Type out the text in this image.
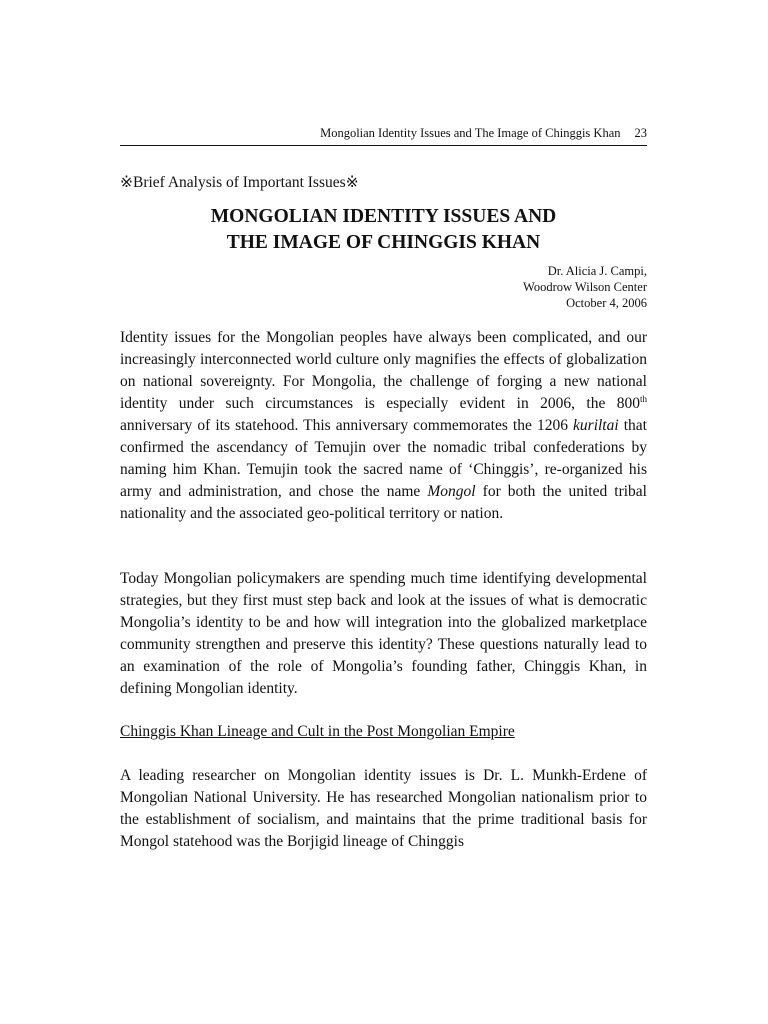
Mongolian Identity Issues and The Image of Chinggis Khan 23
※Brief Analysis of Important Issues※
MONGOLIAN IDENTITY ISSUES AND
THE IMAGE OF CHINGGIS KHAN
Dr. Alicia J. Campi,
Woodrow Wilson Center
October 4, 2006

Identity issues for the Mongolian peoples have always been complicated, and our increasingly interconnected world culture only magnifies the effects of globalization on national sovereignty. For Mongolia, the challenge of forging a new national identity under such circumstances is especially evident in 2006, the 800th anniversary of its statehood. This anniversary commemorates the 1206 kuriltai that confirmed the ascendancy of Temujin over the nomadic tribal confederations by naming him Khan. Temujin took the sacred name of ‘Chinggis’, re-organized his army and administration, and chose the name Mongol for both the united tribal nationality and the associated geo-political territory or nation.

Today Mongolian policymakers are spending much time identifying developmental strategies, but they first must step back and look at the issues of what is democratic Mongolia’s identity to be and how will integration into the globalized marketplace community strengthen and preserve this identity? These questions naturally lead to an examination of the role of Mongolia’s founding father, Chinggis Khan, in defining Mongolian identity.

Chinggis Khan Lineage and Cult in the Post Mongolian Empire

A leading researcher on Mongolian identity issues is Dr. L. Munkh-Erdene of Mongolian National University. He has researched Mongolian nationalism prior to the establishment of socialism, and maintains that the prime traditional basis for Mongol statehood was the Borjigid lineage of Chinggis
